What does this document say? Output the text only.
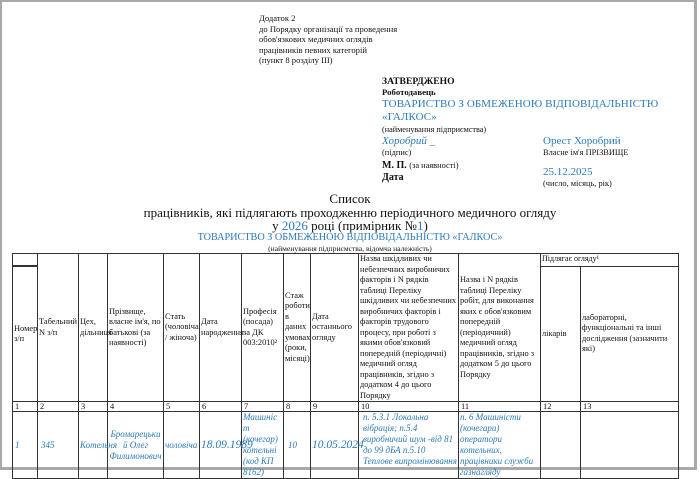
Додаток 2
до Порядку організації та проведення
обов'язкових медичних оглядів
працівників певних категорій
(пункт 8 розділу III)
ЗАТВЕРДЖЕНО
Роботодавець
ТОВАРИСТВО З ОБМЕЖЕНОЮ ВІДПОВІДАЛЬНІСТЮ
«ГАЛКОС»
(найменування підприємства)
Хоробрий _
(підпис)
Орест Хоробрий
Власне ім'я ПРІЗВИЩЕ
М. П. (за наявності)
Дата	25.12.2025
(число, місяць, рік)
Список
працівників, які підлягають проходженню періодичного медичного огляду
у 2026 році (примірник №1)
ТОВАРИСТВО З ОБМЕЖЕНОЮ ВІДПОВІДАЛЬНІСТЮ «ГАЛКОС»
(найменування підприємства, відомча належність)
	Табельний N з/п	Цех, дільниця	Прізвище, власне ім'я, по батькові (за наявності)	Стать (чоловіча / жіноча)	Дата народження	Професія (посада) за ДК 003:2010²	Стаж роботи в даних умовах (роки, місяці)	Дата останнього огляду	Назва шкідливих чи небезпечних виробничих факторів і N рядків таблиці Переліку шкідливих чи небезпечних виробничих факторів і факторів трудового процесу, при роботі з якими обов'язковий попередній (періодичні) медичний огляд працівників, згідно з додатком 4 до цього Порядку	Назва і N рядків таблиці Переліку робіт, для виконання яких є обов'язковим попередній (періодичний) медичний огляд працівників, згідно з додатком 5 до цього Порядку	Підлягає огляду¹	
Номер з/п											лікарів	лабораторні, функціональні та інші дослідження (зазначити які)
1	2	3	4	5	6	7	8	9	10	11	12	13
1	345	Котельня	Бромарецький Олег Филимонович	чоловіча	18.09.1989	Машиніст (кочегар) котельні (код КП 8162)	10	10.05.2024	п. 5.3.1 Локальна вібрація; п.5.4 виробничий шум -від 81 до 99 дБА п.5.10 Теплове випромінювання	п. 6 Машиністи (кочегари) оператори котельних, працівники служби газнагляду		
